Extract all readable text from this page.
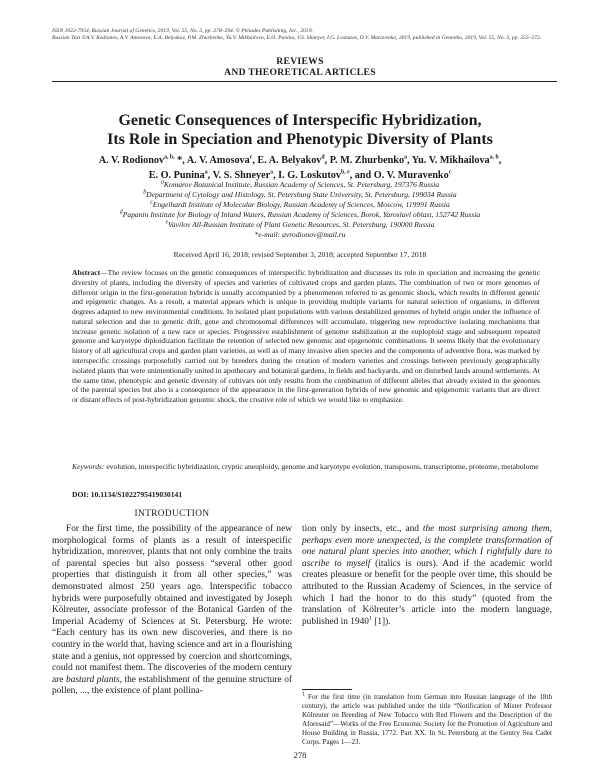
ISSN 1022-7954, Russian Journal of Genetics, 2019, Vol. 55, No. 3, pp. 278–294. © Pleiades Publishing, Inc., 2019.
Russian Text ©A.V. Rodionov, A.V. Amosova, E.A. Belyakov, P.M. Zhurbenko, Yu.V. Mikhailova, E.O. Punina, V.S. Shneyer, I.G. Loskutov, O.V. Muravenko, 2019, published in Genetika, 2019, Vol. 55, No. 3, pp. 255–272.
REVIEWS
AND THEORETICAL ARTICLES
Genetic Consequences of Interspecific Hybridization,
Its Role in Speciation and Phenotypic Diversity of Plants
A. V. Rodionov$^{a, b,}$ *, A. V. Amosova$^c$, E. A. Belyakov$^d$, P. M. Zhurbenko$^a$, Yu. V. Mikhailova$^{a, b}$,
E. O. Punina$^a$, V. S. Shneyer$^a$, I. G. Loskutov$^{b, e}$, and O. V. Muravenko$^c$
$^a$Komarov Botanical Institute, Russian Academy of Sciences, St. Petersburg, 197376 Russia
$^b$Department of Cytology and Histology, St. Petersburg State University, St. Petersburg, 199034 Russia
$^c$Engelhardt Institute of Molecular Biology, Russian Academy of Sciences, Moscow, 119991 Russia
$^d$Papanin Institute for Biology of Inland Waters, Russian Academy of Sciences, Borok, Yaroslavl oblast, 152742 Russia
$^e$Vavilov All-Russian Institute of Plant Genetic Resources, St. Petersburg, 190000 Russia
*e-mail: avrodionov@mail.ru
Received April 16, 2018; revised September 3, 2018; accepted September 17, 2018
Abstract—The review focuses on the genetic consequences of interspecific hybridization and discusses its role in speciation and increasing the genetic diversity of plants, including the diversity of species and varieties of cultivated crops and garden plants. The combination of two or more genomes of different origin in the first-generation hybrids is usually accompanied by a phenomenon referred to as genomic shock, which results in different genetic and epigenetic changes. As a result, a material appears which is unique in providing multiple variants for natural selection of organisms, in different degrees adapted to new environmental conditions. In isolated plant populations with various destabilized genomes of hybrid origin under the influence of natural selection and due to genetic drift, gene and chromosomal differences will accumulate, triggering new reproductive isolating mechanisms that increase genetic isolation of a new race or species. Progressive establishment of genome stabilization at the euploploid stage and subsequent repeated genome and karyotype diploidization facilitate the retention of selected new genomic and epigenomic combinations. It seems likely that the evolutionary history of all agricultural crops and garden plant varieties, as well as of many invasive alien species and the components of adventive flora, was marked by interspecific crossings purposefully carried out by breeders during the creation of modern varieties and crossings between previously geographically isolated plants that were unintentionally united in apothecary and botanical gardens, in fields and backyards, and on disturbed lands around settlements. At the same time, phenotypic and genetic diversity of cultivars not only results from the combination of different alleles that already existed in the genomes of the parental species but also is a consequence of the appearance in the first-generation hybrids of new genomic and epigenomic variants that are direct or distant effects of post-hybridization genomic shock, the creative role of which we would like to emphasize.
Keywords: evolution, interspecific hybridization, cryptic aneuploidy, genome and karyotype evolution, transposons, transcriptome, proteome, metabolome
DOI: 10.1134/S1022795419030141
INTRODUCTION

For the first time, the possibility of the appearance of new morphological forms of plants as a result of interspecific hybridization, moreover, plants that not only combine the traits of parental species but also possess “several other good properties that distinguish it from all other species,” was demonstrated almost 250 years ago. Interspecific tobacco hybrids were purposefully obtained and investigated by Joseph Kölreuter, associate professor of the Botanical Garden of the Imperial Academy of Sciences at St. Petersburg. He wrote: “Each century has its own new discoveries, and there is no country in the world that, having science and art in a flourishing state and a genius, not oppressed by coercion and shortcomings, could not manifest them. The discoveries of the modern century are bastard plants, the establishment of the genuine structure of pollen, ..., the existence of plant pollina-

tion only by insects, etc., and the most surprising among them, perhaps even more unexpected, is the complete transformation of one natural plant species into another, which I rightfully dare to ascribe to myself (italics is ours). And if the academic world creates pleasure or benefit for the people over time, this should be attributed to the Russian Academy of Sciences, in the service of which I had the honor to do this study” (quoted from the translation of Kölreuter’s article into the modern language, published in 1940$^1$ [1]).

$^1$ For the first time (in translation from German into Russian language of the 18th century), the article was published under the title “Notification of Mister Professor Kölreuter on Breeding of New Tobacco with Red Flowers and the Description of the Aforesaid”—Works of the Free Economic Society for the Promotion of Agriculture and House Building in Russia, 1772. Part XX. In St. Petersburg at the Gentry Sea Cadet Corps. Pages 1—23.
278
